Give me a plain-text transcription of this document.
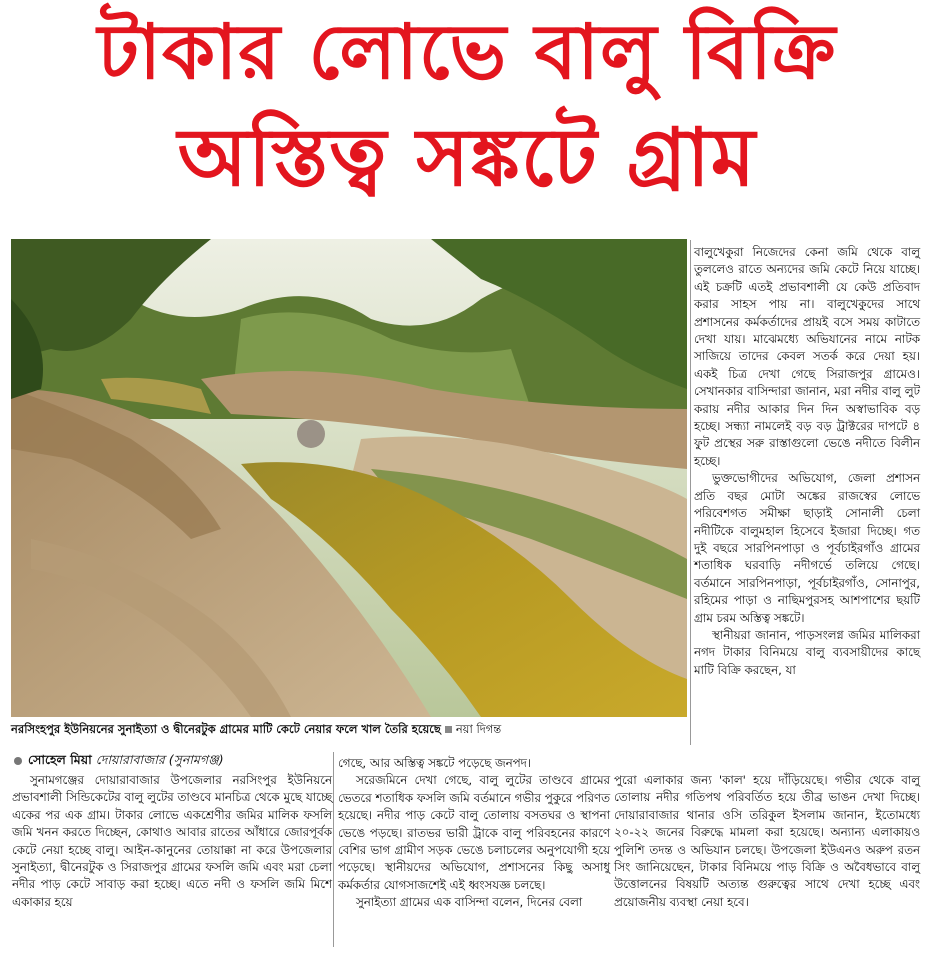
টাকার লোভে বালু বিক্রি
অস্তিত্ব সঙ্কটে গ্রাম
নরসিংহপুর ইউনিয়নের সুনাইত্যা ও দ্বীনেরটুক গ্রামের মাটি কেটে নেয়ার ফলে খাল তৈরি হয়েছে নয়া দিগন্ত
সোহেল মিয়া দোয়ারাবাজার (সুনামগঞ্জ)

সুনামগঞ্জের দোয়ারাবাজার উপজেলার নরসিংপুর ইউনিয়নে প্রভাবশালী সিন্ডিকেটের বালু লুটের তাণ্ডবে মানচিত্র থেকে মুছে যাচ্ছে একের পর এক গ্রাম। টাকার লোভে একশ্রেণীর জমির মালিক ফসলি জমি খনন করতে দিচ্ছেন, কোথাও আবার রাতের আঁধারে জোরপূর্বক কেটে নেয়া হচ্ছে বালু। আইন-কানুনের তোয়াক্কা না করে উপজেলার সুনাইত্যা, দ্বীনেরটুক ও সিরাজপুর গ্রামের ফসলি জমি এবং মরা চেলা নদীর পাড় কেটে সাবাড় করা হচ্ছে। এতে নদী ও ফসলি জমি মিশে একাকার হয়ে

গেছে, আর অস্তিত্ব সঙ্কটে পড়েছে জনপদ।

সরেজমিনে দেখা গেছে, বালু লুটের তাণ্ডবে গ্রামের ভেতরে শতাধিক ফসলি জমি বর্তমানে গভীর পুকুরে পরিণত হয়েছে। নদীর পাড় কেটে বালু তোলায় বসতঘর ও স্থাপনা ভেঙে পড়ছে। রাতভর ভারী ট্রাকে বালু পরিবহনের কারণে বেশির ভাগ গ্রামীণ সড়ক ভেঙে চলাচলের অনুপযোগী হয়ে পড়েছে। স্থানীয়দের অভিযোগ, প্রশাসনের কিছু অসাধু কর্মকর্তার যোগসাজশেই এই ধ্বংসযজ্ঞ চলছে।

সুনাইত্যা গ্রামের এক বাসিন্দা বলেন, দিনের বেলা

বালুখেকুরা নিজেদের কেনা জমি থেকে বালু তুললেও রাতে অন্যদের জমি কেটে নিয়ে যাচ্ছে। এই চক্রটি এতই প্রভাবশালী যে কেউ প্রতিবাদ করার সাহস পায় না। বালুখেকুদের সাথে প্রশাসনের কর্মকর্তাদের প্রায়ই বসে সময় কাটাতে দেখা যায়। মাঝেমধ্যে অভিযানের নামে নাটক সাজিয়ে তাদের কেবল সতর্ক করে দেয়া হয়। একই চিত্র দেখা গেছে সিরাজপুর গ্রামেও। সেখানকার বাসিন্দারা জানান, মরা নদীর বালু লুট করায় নদীর আকার দিন দিন অস্বাভাবিক বড় হচ্ছে। সন্ধ্যা নামলেই বড় বড় ট্রাক্টরের দাপটে ৪ ফুট প্রস্থের সরু রাস্তাগুলো ভেঙে নদীতে বিলীন হচ্ছে।

ভুক্তভোগীদের অভিযোগ, জেলা প্রশাসন প্রতি বছর মোটা অঙ্কের রাজস্বের লোভে পরিবেশগত সমীক্ষা ছাড়াই সোনালী চেলা নদীটিকে বালুমহাল হিসেবে ইজারা দিচ্ছে। গত দুই বছরে সারপিনপাড়া ও পূর্বচাইরগাঁও গ্রামের শতাধিক ঘরবাড়ি নদীগর্ভে তলিয়ে গেছে। বর্তমানে সারপিনপাড়া, পূর্বচাইরগাঁও, সোনাপুর, রহিমের পাড়া ও নাছিমপুরসহ আশপাশের ছয়টি গ্রাম চরম অস্তিত্ব সঙ্কটে।

স্থানীয়রা জানান, পাড়সংলগ্ন জমির মালিকরা নগদ টাকার বিনিময়ে বালু ব্যবসায়ীদের কাছে মাটি বিক্রি করছেন, যা

পুরো এলাকার জন্য 'কাল' হয়ে দাঁড়িয়েছে। গভীর থেকে বালু তোলায় নদীর গতিপথ পরিবর্তিত হয়ে তীব্র ভাঙন দেখা দিচ্ছে। দোয়ারাবাজার থানার ওসি তরিকুল ইসলাম জানান, ইতোমধ্যে ২০-২২ জনের বিরুদ্ধে মামলা করা হয়েছে। অন্যান্য এলাকায়ও পুলিশি তদন্ত ও অভিযান চলছে। উপজেলা ইউএনও অরুপ রতন সিং জানিয়েছেন, টাকার বিনিময়ে পাড় বিক্রি ও অবৈধভাবে বালু উত্তোলনের বিষয়টি অত্যন্ত গুরুত্বের সাথে দেখা হচ্ছে এবং প্রয়োজনীয় ব্যবস্থা নেয়া হবে।
